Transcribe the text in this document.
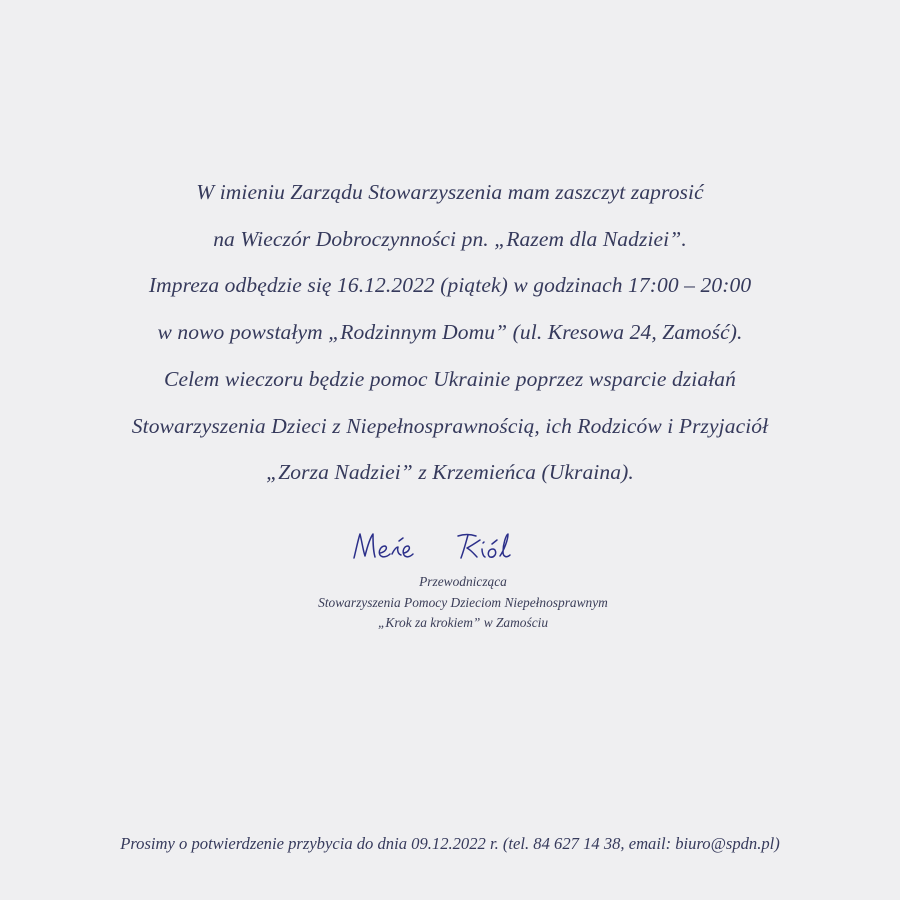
W imieniu Zarządu Stowarzyszenia mam zaszczyt zaprosić
na Wieczór Dobroczynności pn. „Razem dla Nadziei”.
Impreza odbędzie się 16.12.2022 (piątek) w godzinach 17:00 – 20:00
w nowo powstałym „Rodzinnym Domu” (ul. Kresowa 24, Zamość).
Celem wieczoru będzie pomoc Ukrainie poprzez wsparcie działań
Stowarzyszenia Dzieci z Niepełnosprawnością, ich Rodziców i Przyjaciół
„Zorza Nadziei” z Krzemieńca (Ukraina).
Przewodnicząca
Stowarzyszenia Pomocy Dzieciom Niepełnosprawnym
„Krok za krokiem” w Zamościu
Prosimy o potwierdzenie przybycia do dnia 09.12.2022 r. (tel. 84 627 14 38, email: biuro@spdn.pl)
